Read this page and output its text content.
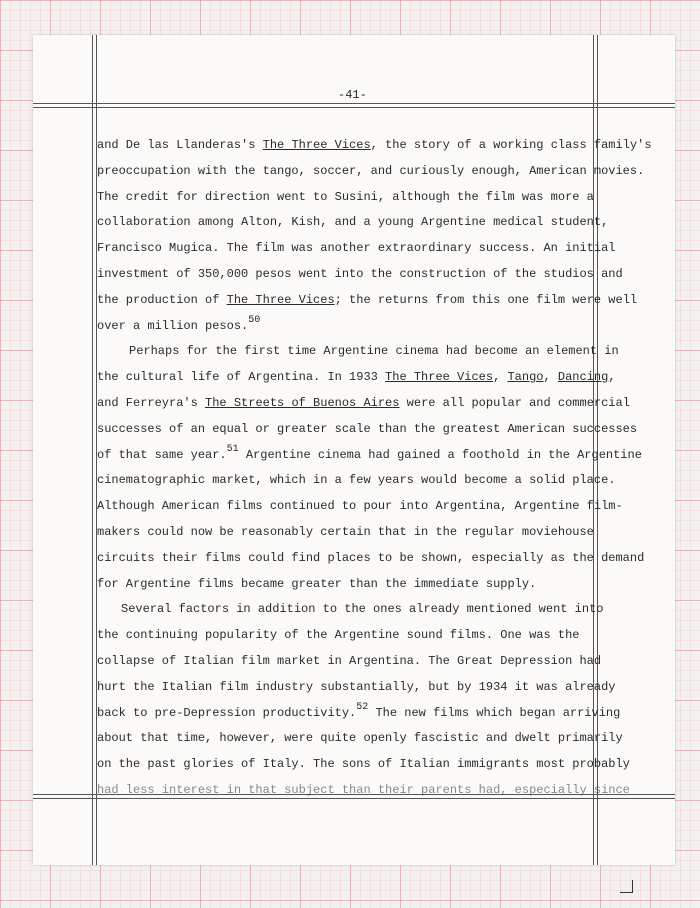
-41-
and De las Llanderas's The Three Vices, the story of a working class family's
preoccupation with the tango, soccer, and curiously enough, American movies.
The credit for direction went to Susini, although the film was more a
collaboration among Alton, Kish, and a young Argentine medical student,
Francisco Mugica. The film was another extraordinary success. An initial
investment of 350,000 pesos went into the construction of the studios and
the production of The Three Vices; the returns from this one film were well
over a million pesos.$^{50}$
Perhaps for the first time Argentine cinema had become an element in
the cultural life of Argentina. In 1933 The Three Vices, Tango, Dancing,
and Ferreyra's The Streets of Buenos Aires were all popular and commercial
successes of an equal or greater scale than the greatest American successes
of that same year.$^{51}$ Argentine cinema had gained a foothold in the Argentine
cinematographic market, which in a few years would become a solid place.
Although American films continued to pour into Argentina, Argentine film-
makers could now be reasonably certain that in the regular moviehouse
circuits their films could find places to be shown, especially as the demand
for Argentine films became greater than the immediate supply.
Several factors in addition to the ones already mentioned went into
the continuing popularity of the Argentine sound films. One was the
collapse of Italian film market in Argentina. The Great Depression had
hurt the Italian film industry substantially, but by 1934 it was already
back to pre-Depression productivity.$^{52}$ The new films which began arriving
about that time, however, were quite openly fascistic and dwelt primarily
on the past glories of Italy. The sons of Italian immigrants most probably
had less interest in that subject than their parents had, especially since
